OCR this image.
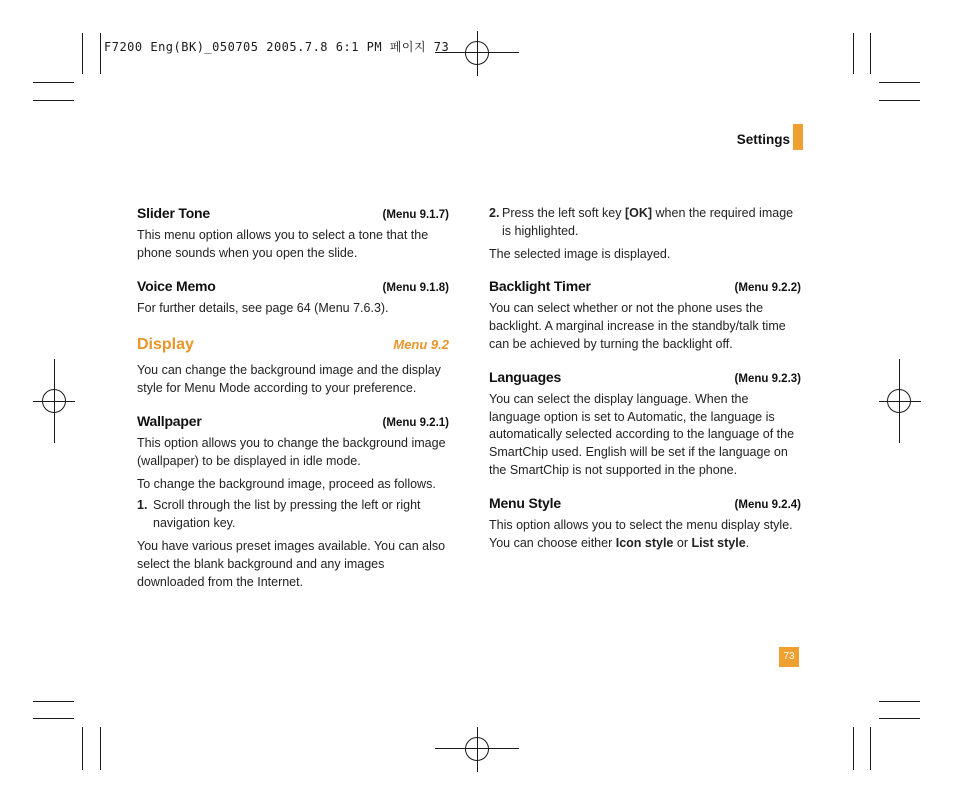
F7200 Eng(BK)_050705 2005.7.8 6:1 PM 페이지 73
Settings
Slider Tone	(Menu 9.1.7)

This menu option allows you to select a tone that the phone sounds when you open the slide.

Voice Memo	(Menu 9.1.8)

For further details, see page 64 (Menu 7.6.3).

Display	Menu 9.2

You can change the background image and the display style for Menu Mode according to your preference.

Wallpaper	(Menu 9.2.1)

This option allows you to change the background image (wallpaper) to be displayed in idle mode.

To change the background image, proceed as follows.

1. Scroll through the list by pressing the left or right navigation key.

You have various preset images available. You can also select the blank background and any images downloaded from the Internet.

2. Press the left soft key [OK] when the required image is highlighted.

The selected image is displayed.

Backlight Timer	(Menu 9.2.2)

You can select whether or not the phone uses the backlight. A marginal increase in the standby/talk time can be achieved by turning the backlight off.

Languages	(Menu 9.2.3)

You can select the display language. When the language option is set to Automatic, the language is automatically selected according to the language of the SmartChip used. English will be set if the language on the SmartChip is not supported in the phone.

Menu Style	(Menu 9.2.4)

This option allows you to select the menu display style. You can choose either Icon style or List style.

73
